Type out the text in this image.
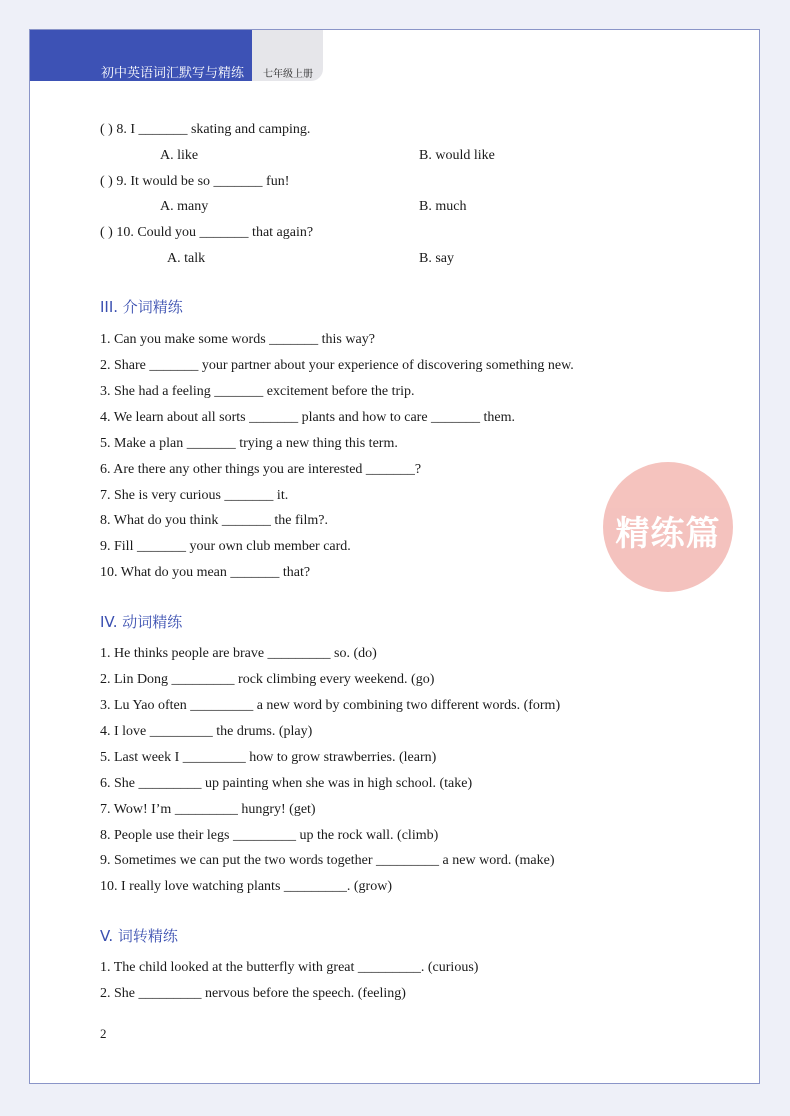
初中英语词汇默写与精练 七年级上册
( ) 8. I _______ skating and camping.
A. like	B. would like
( ) 9. It would be so _______ fun!
A. many	B. much
( ) 10. Could you _______ that again?
A. talk	B. say
III. 介词精练
1. Can you make some words _______ this way?
2. Share _______ your partner about your experience of discovering something new.
3. She had a feeling _______ excitement before the trip.
4. We learn about all sorts _______ plants and how to care _______ them.
5. Make a plan _______ trying a new thing this term.
6. Are there any other things you are interested _______?
7. She is very curious _______ it.
8. What do you think _______ the film?.
9. Fill _______ your own club member card.
10. What do you mean _______ that?
精练篇
IV. 动词精练
1. He thinks people are brave _________ so. (do)
2. Lin Dong _________ rock climbing every weekend. (go)
3. Lu Yao often _________ a new word by combining two different words. (form)
4. I love _________ the drums. (play)
5. Last week I _________ how to grow strawberries. (learn)
6. She _________ up painting when she was in high school. (take)
7. Wow! I’m _________ hungry! (get)
8. People use their legs _________ up the rock wall. (climb)
9. Sometimes we can put the two words together _________ a new word. (make)
10. I really love watching plants _________. (grow)
V. 词转精练
1. The child looked at the butterfly with great _________. (curious)
2. She _________ nervous before the speech. (feeling)
2
